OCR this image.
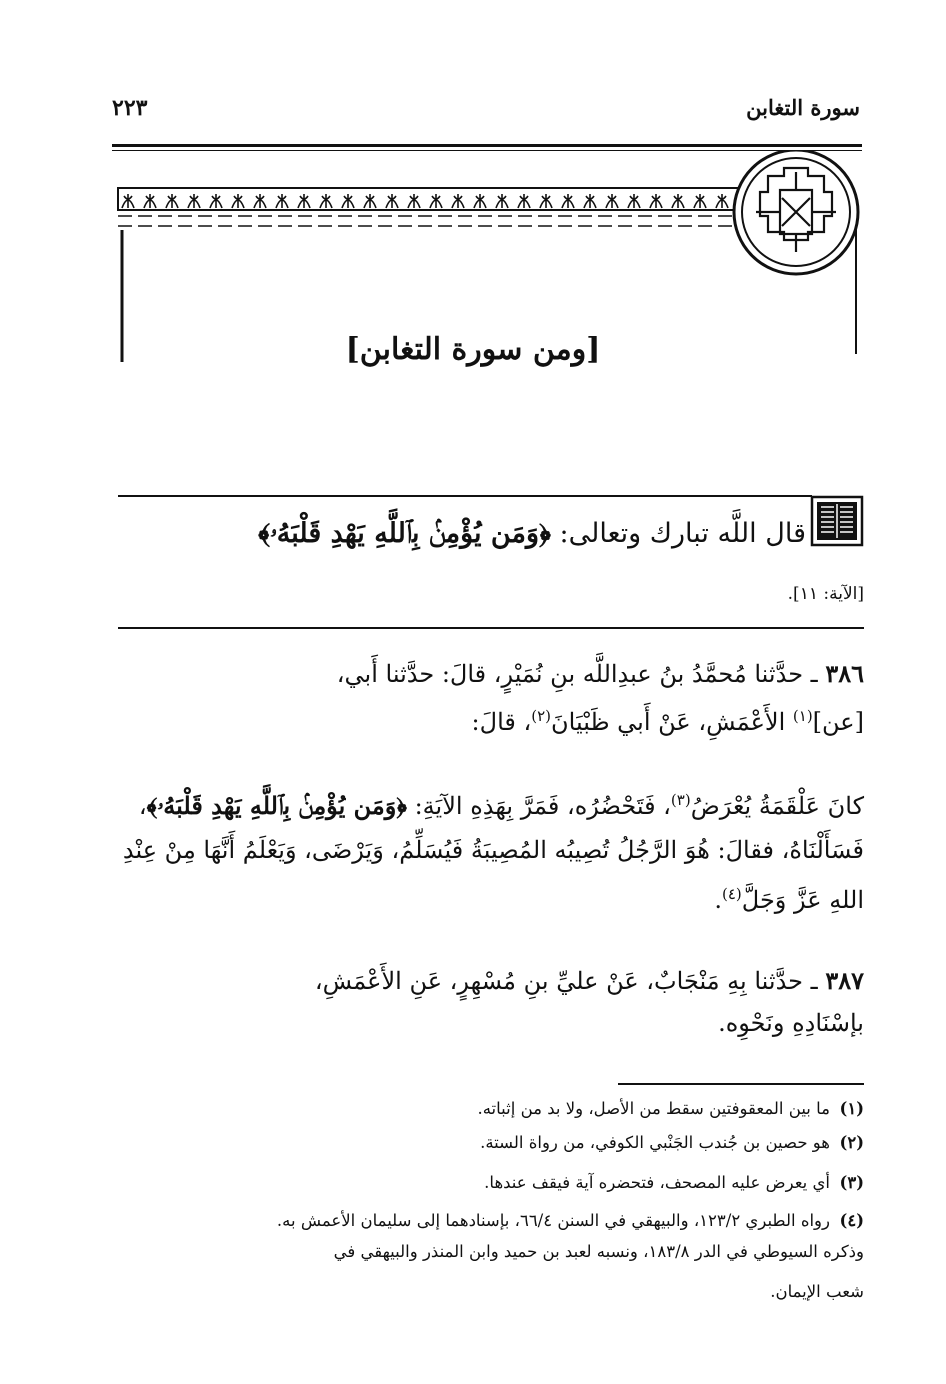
سورة التغابن
٢٢٣
[ومن سورة التغابن]
قال اللَّه تبارك وتعالى: ﴿وَمَن يُؤْمِنۢ بِٱللَّهِ يَهْدِ قَلْبَهُۥ﴾
[الآية: ١١].
٣٨٦ ـ حدَّثنا مُحمَّدُ بنُ عبدِاللَّه بنِ نُمَيْرٍ، قالَ: حدَّثنا أَبي،
[عن]$^{(١)}$ الأَعْمَشِ، عَنْ أَبي ظَبْيَانَ$^{(٢)}$، قالَ:
كانَ عَلْقَمَةُ يُعْرَضُ$^{(٣)}$، فَتَحْضُرُه، فَمَرَّ بِهَذِهِ الآيَةِ: ﴿وَمَن يُؤْمِنۢ بِٱللَّهِ يَهْدِ قَلْبَهُۥ﴾، فَسَأَلْنَاهُ، فقالَ: هُوَ الرَّجُلُ تُصِيبُه المُصِيبَةُ فَيُسَلِّمُ، وَيَرْضَى، وَيَعْلَمُ أَنَّهَا مِنْ عِنْدِ اللهِ عَزَّ وَجَلَّ$^{(٤)}$.
٣٨٧ ـ حدَّثنا بِهِ مَنْجَابٌ، عَنْ عليِّ بنِ مُسْهِرٍ، عَنِ الأَعْمَشِ،
بإسْنَادِهِ ونَحْوِه.
(١)ما بين المعقوفتين سقط من الأصل، ولا بد من إثباته.
(٢)هو حصين بن جُندب الجَنْبي الكوفي، من رواة الستة.
(٣)أي يعرض عليه المصحف، فتحضره آية فيقف عندها.
(٤)رواه الطبري ١٢٣/٢، والبيهقي في السنن ٦٦/٤، بإسنادهما إلى سليمان الأعمش به.
وذكره السيوطي في الدر ١٨٣/٨، ونسبه لعبد بن حميد وابن المنذر والبيهقي في
شعب الإيمان.
